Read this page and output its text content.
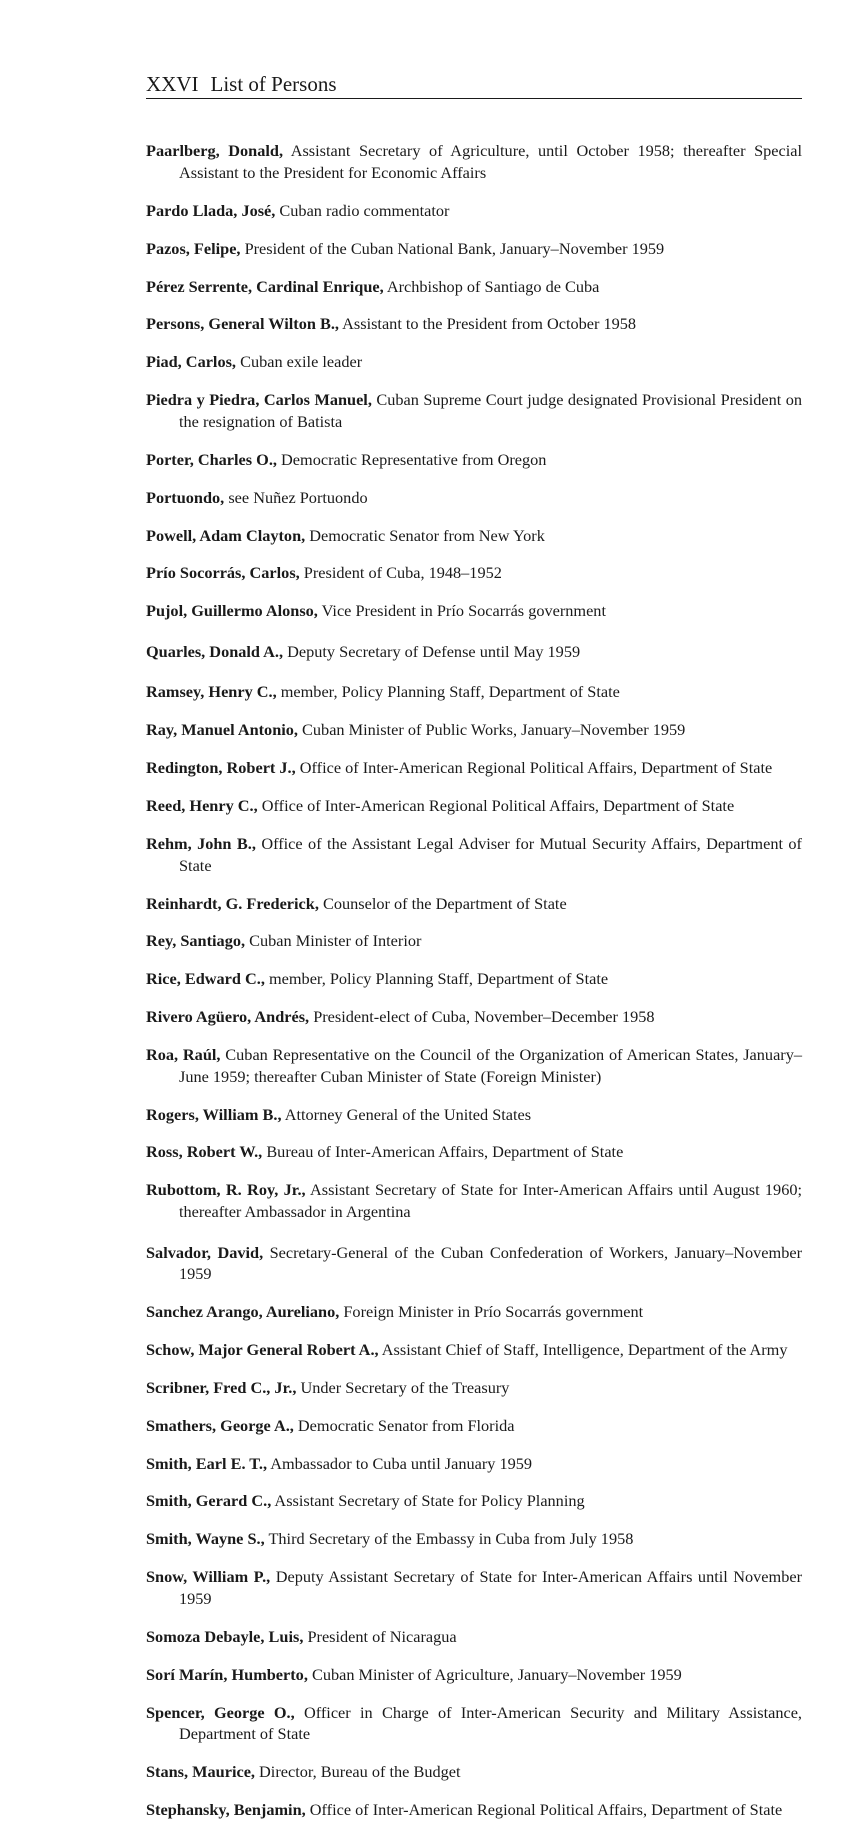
XXVI List of Persons

Paarlberg, Donald, Assistant Secretary of Agriculture, until October 1958; thereafter Special Assistant to the President for Economic Affairs

Pardo Llada, José, Cuban radio commentator

Pazos, Felipe, President of the Cuban National Bank, January–November 1959

Pérez Serrente, Cardinal Enrique, Archbishop of Santiago de Cuba

Persons, General Wilton B., Assistant to the President from October 1958

Piad, Carlos, Cuban exile leader

Piedra y Piedra, Carlos Manuel, Cuban Supreme Court judge designated Provisional President on the resignation of Batista

Porter, Charles O., Democratic Representative from Oregon

Portuondo, see Nuñez Portuondo

Powell, Adam Clayton, Democratic Senator from New York

Prío Socorrás, Carlos, President of Cuba, 1948–1952

Pujol, Guillermo Alonso, Vice President in Prío Socarrás government

Quarles, Donald A., Deputy Secretary of Defense until May 1959

Ramsey, Henry C., member, Policy Planning Staff, Department of State

Ray, Manuel Antonio, Cuban Minister of Public Works, January–November 1959

Redington, Robert J., Office of Inter-American Regional Political Affairs, Department of State

Reed, Henry C., Office of Inter-American Regional Political Affairs, Department of State

Rehm, John B., Office of the Assistant Legal Adviser for Mutual Security Affairs, Department of State

Reinhardt, G. Frederick, Counselor of the Department of State

Rey, Santiago, Cuban Minister of Interior

Rice, Edward C., member, Policy Planning Staff, Department of State

Rivero Agüero, Andrés, President-elect of Cuba, November–December 1958

Roa, Raúl, Cuban Representative on the Council of the Organization of American States, January–June 1959; thereafter Cuban Minister of State (Foreign Minister)

Rogers, William B., Attorney General of the United States

Ross, Robert W., Bureau of Inter-American Affairs, Department of State

Rubottom, R. Roy, Jr., Assistant Secretary of State for Inter-American Affairs until August 1960; thereafter Ambassador in Argentina

Salvador, David, Secretary-General of the Cuban Confederation of Workers, January–November 1959

Sanchez Arango, Aureliano, Foreign Minister in Prío Socarrás government

Schow, Major General Robert A., Assistant Chief of Staff, Intelligence, Department of the Army

Scribner, Fred C., Jr., Under Secretary of the Treasury

Smathers, George A., Democratic Senator from Florida

Smith, Earl E. T., Ambassador to Cuba until January 1959

Smith, Gerard C., Assistant Secretary of State for Policy Planning

Smith, Wayne S., Third Secretary of the Embassy in Cuba from July 1958

Snow, William P., Deputy Assistant Secretary of State for Inter-American Affairs until November 1959

Somoza Debayle, Luis, President of Nicaragua

Sorí Marín, Humberto, Cuban Minister of Agriculture, January–November 1959

Spencer, George O., Officer in Charge of Inter-American Security and Military Assistance, Department of State

Stans, Maurice, Director, Bureau of the Budget

Stephansky, Benjamin, Office of Inter-American Regional Political Affairs, Department of State
